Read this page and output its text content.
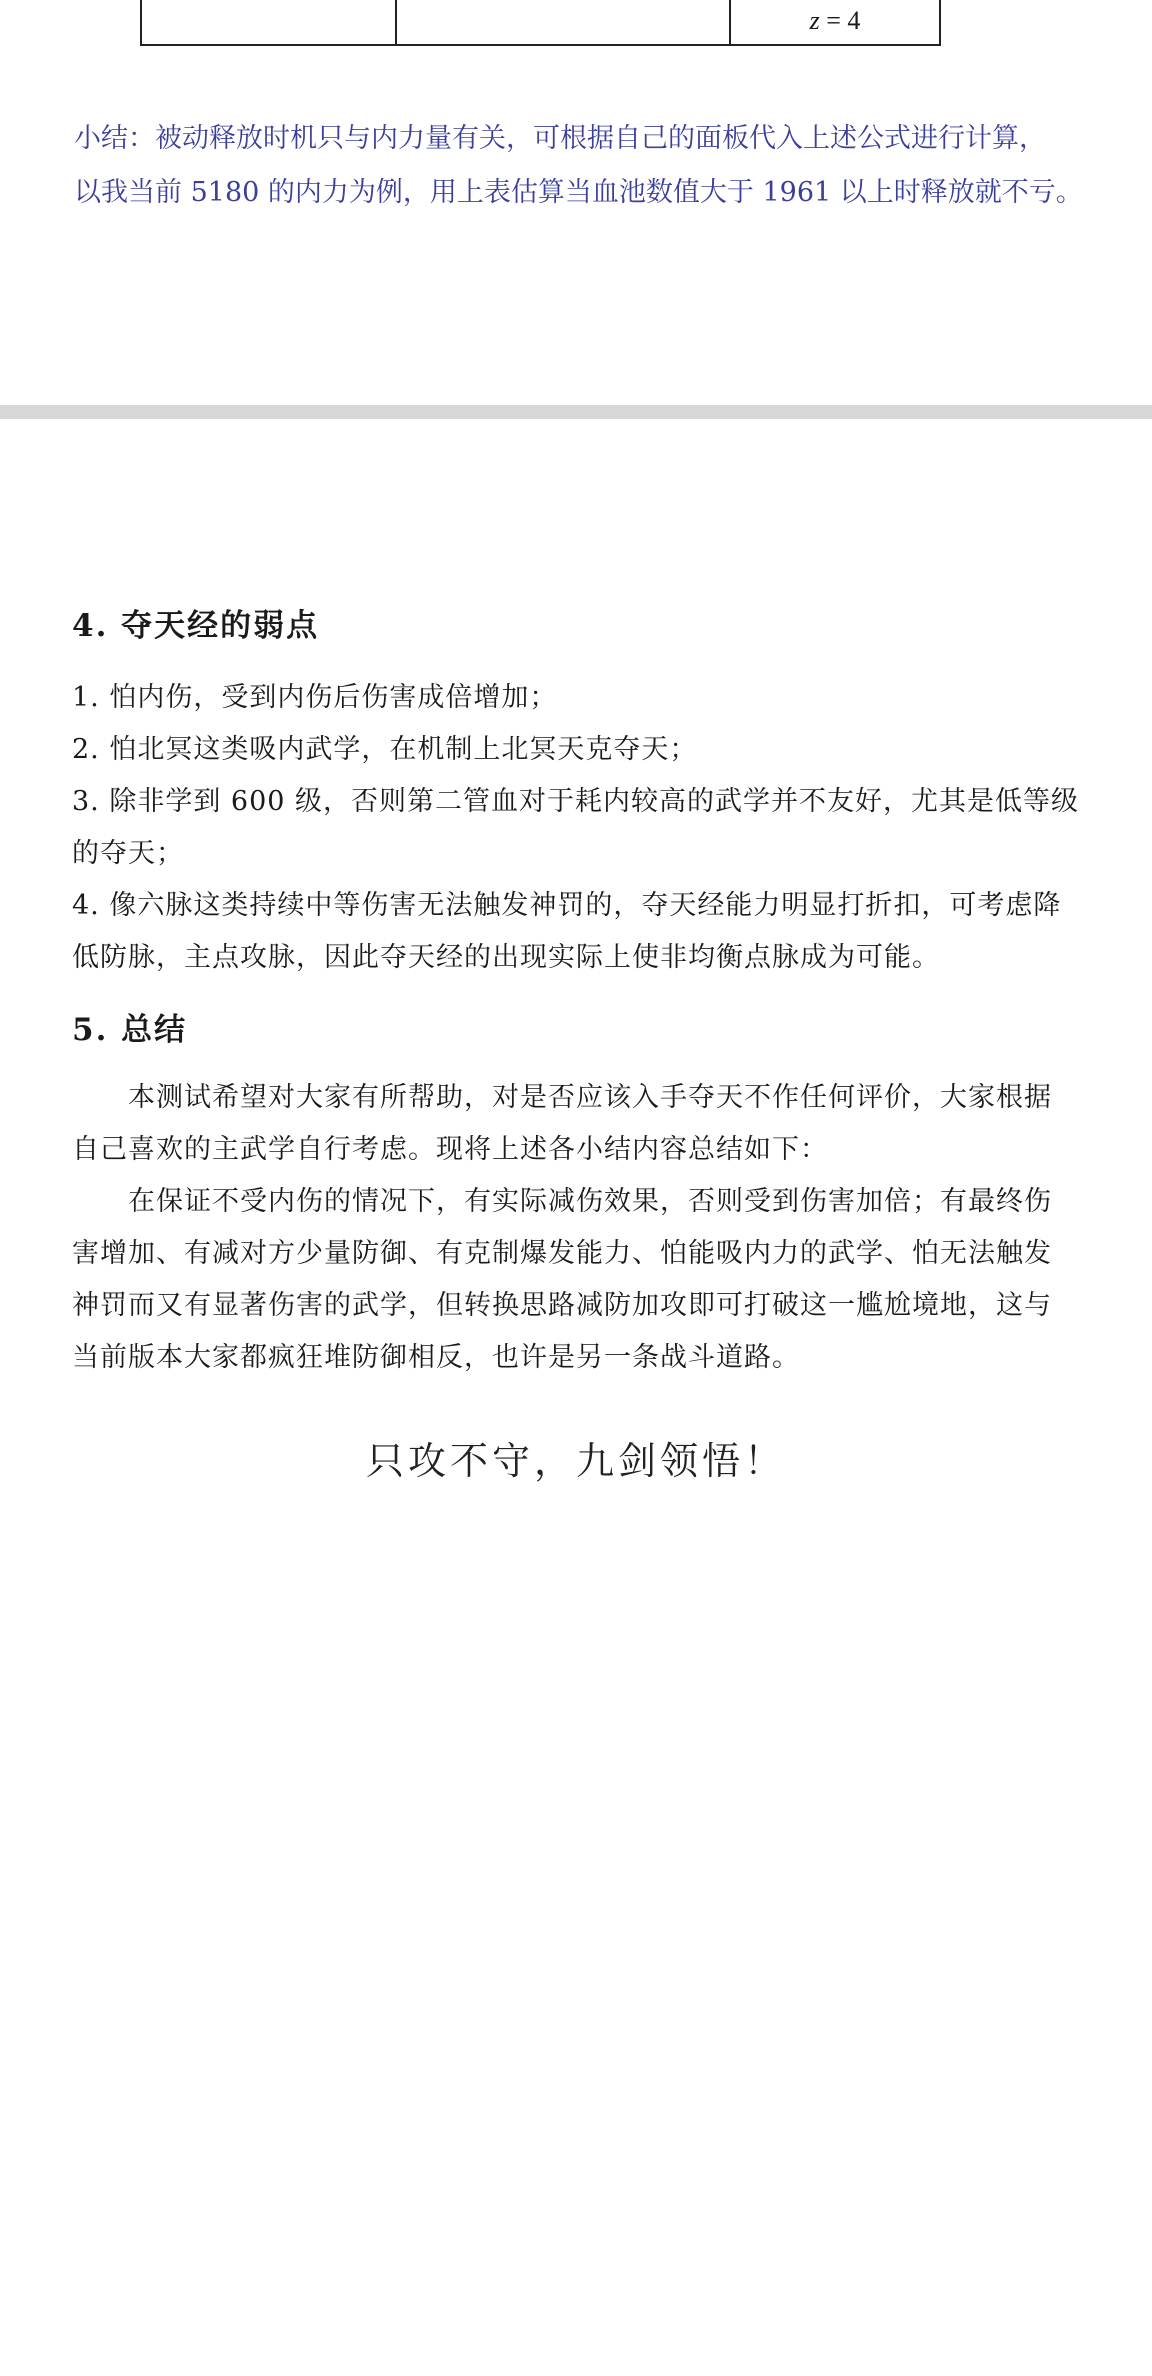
z = 4

小结：被动释放时机只与内力量有关，可根据自己的面板代入上述公式进行计算，

以我当前 5180 的内力为例，用上表估算当血池数值大于 1961 以上时释放就不亏。

4. 夺天经的弱点

1. 怕内伤，受到内伤后伤害成倍增加；

2. 怕北冥这类吸内武学，在机制上北冥天克夺天；

3. 除非学到 600 级，否则第二管血对于耗内较高的武学并不友好，尤其是低等级

的夺天；

4. 像六脉这类持续中等伤害无法触发神罚的，夺天经能力明显打折扣，可考虑降

低防脉，主点攻脉，因此夺天经的出现实际上使非均衡点脉成为可能。

5. 总结

本测试希望对大家有所帮助，对是否应该入手夺天不作任何评价，大家根据

自己喜欢的主武学自行考虑。现将上述各小结内容总结如下：

在保证不受内伤的情况下，有实际减伤效果，否则受到伤害加倍；有最终伤

害增加、有减对方少量防御、有克制爆发能力、怕能吸内力的武学、怕无法触发

神罚而又有显著伤害的武学，但转换思路减防加攻即可打破这一尴尬境地，这与

当前版本大家都疯狂堆防御相反，也许是另一条战斗道路。

只攻不守，九剑领悟！
